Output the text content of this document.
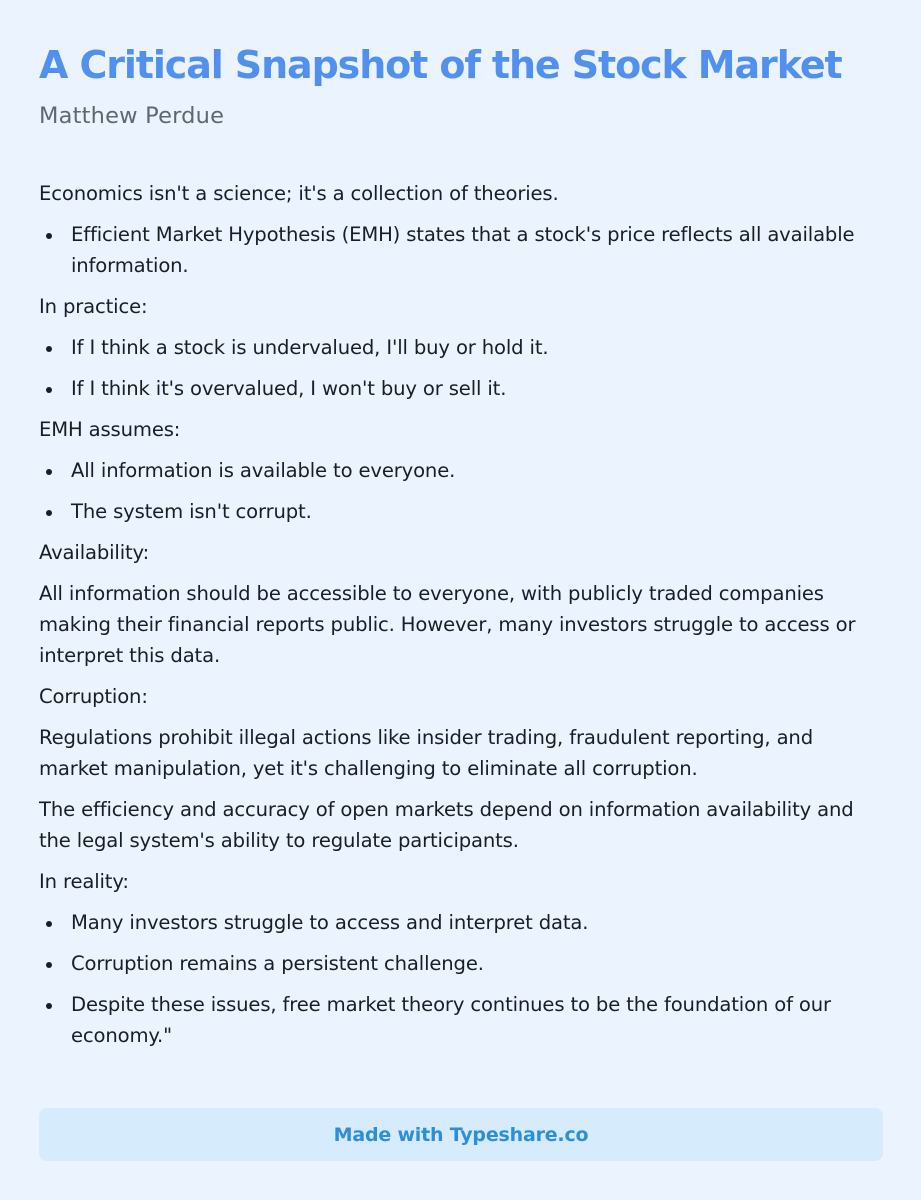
A Critical Snapshot of the Stock Market
Matthew Perdue

Economics isn't a science; it's a collection of theories.

Efficient Market Hypothesis (EMH) states that a stock's price reflects all available information.

In practice:

If I think a stock is undervalued, I'll buy or hold it.
If I think it's overvalued, I won't buy or sell it.

EMH assumes:

All information is available to everyone.
The system isn't corrupt.

Availability:

All information should be accessible to everyone, with publicly traded companies making their financial reports public. However, many investors struggle to access or interpret this data.

Corruption:

Regulations prohibit illegal actions like insider trading, fraudulent reporting, and market manipulation, yet it's challenging to eliminate all corruption.

The efficiency and accuracy of open markets depend on information availability and the legal system's ability to regulate participants.

In reality:

Many investors struggle to access and interpret data.
Corruption remains a persistent challenge.
Despite these issues, free market theory continues to be the foundation of our economy."
Made with Typeshare.co
